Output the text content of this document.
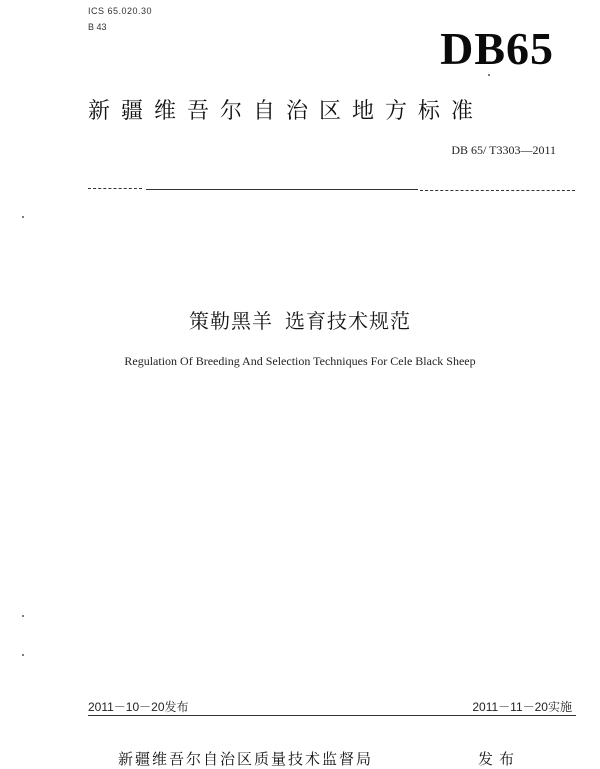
ICS 65.020.30
B 43	DB65
新疆维吾尔自治区地方标准
DB 65/ T3303—2011
策勒黑羊 选育技术规范
Regulation Of Breeding And Selection Techniques For Cele Black Sheep
2011－10－20发布	2011－11－20实施
新疆维吾尔自治区质量技术监督局	发布
